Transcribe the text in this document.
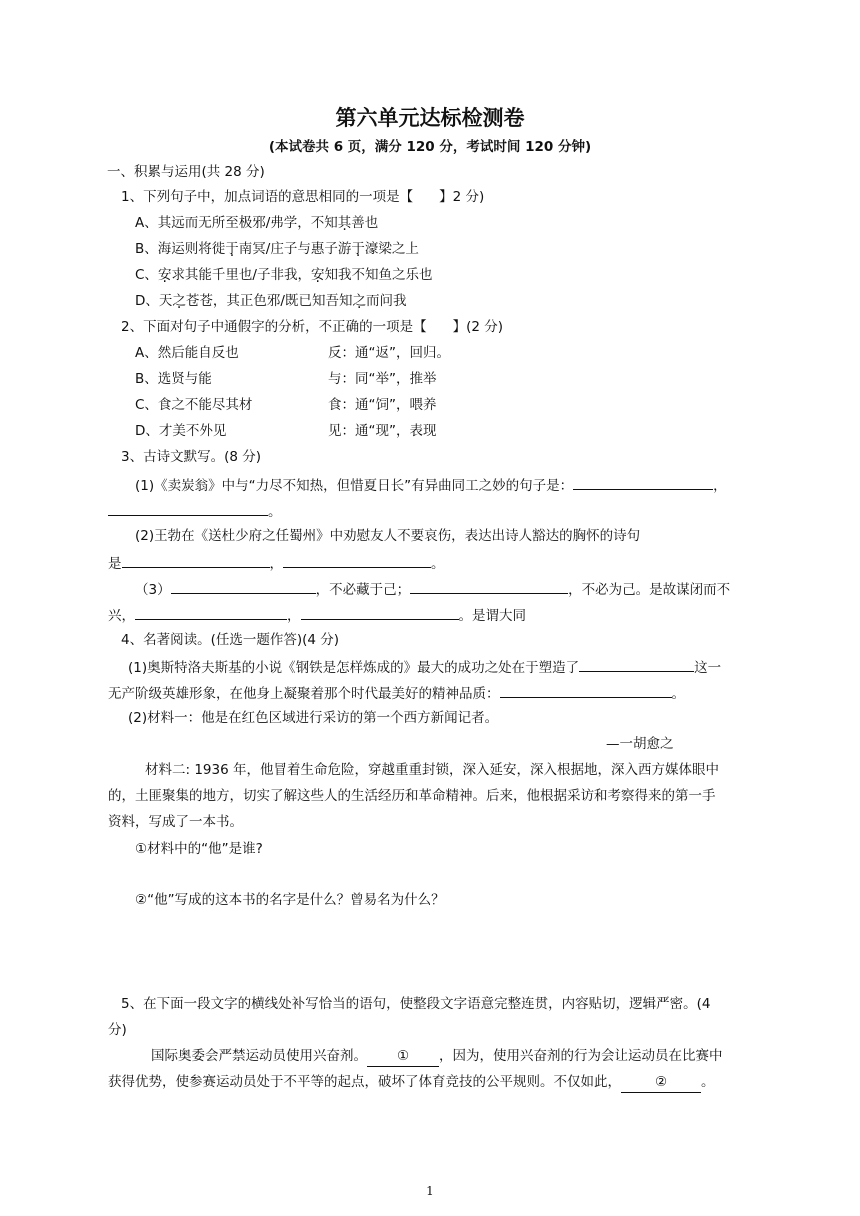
第六单元达标检测卷
(本试卷共 6 页，满分 120 分，考试时间 120 分钟)
一、积累与运用(共 28 分)
1、下列句子中，加点词语的意思相同的一项是【 】2 分)
A、其远而无所至极邪/弗学，不知其善也
B、海运则将徙于南冥/庄子与惠子游于濠梁之上
C、安求其能千里也/子非我，安知我不知鱼之乐也
D、天之苍苍，其正色邪/既已知吾知之而问我
2、下面对句子中通假字的分析，不正确的一项是【 】(2 分)
A、然后能自反也	反：通“返”，回归。
B、选贤与能	与：同“举”，推举
C、食之不能尽其材	食：通“饲”，喂养
D、才美不外见	见：通“现”，表现
3、古诗文默写。(8 分)
(1)《卖炭翁》中与“力尽不知热，但惜夏日长”有异曲同工之妙的句子是：	，
。
(2)王勃在《送杜少府之任蜀州》中劝慰友人不要哀伤，表达出诗人豁达的胸怀的诗句
是	，	。
（3）	，不必藏于己；	，不必为己。是故谋闭而不
兴，	，	。是谓大同
4、名著阅读。(任选一题作答)(4 分)
(1)奥斯特洛夫斯基的小说《钢铁是怎样炼成的》最大的成功之处在于塑造了	这一
无产阶级英雄形象，在他身上凝聚着那个时代最美好的精神品质：	。
(2)材料一：他是在红色区域进行采访的第一个西方新闻记者。
—一胡愈之
材料二: 1936 年，他冒着生命危险，穿越重重封锁，深入延安，深入根据地，深入西方媒体眼中
的，土匪聚集的地方，切实了解这些人的生活经历和革命精神。后来，他根据采访和考察得来的第一手
资料，写成了一本书。
①材料中的“他”是谁?
②“他”写成的这本书的名字是什么？曾易名为什么？
5、在下面一段文字的横线处补写恰当的语句，使整段文字语意完整连贯，内容贴切，逻辑严密。(4
分)
国际奥委会严禁运动员使用兴奋剂。 ① ，因为，使用兴奋剂的行为会让运动员在比赛中
获得优势，使参赛运动员处于不平等的起点，破坏了体育竞技的公平规则。不仅如此，	②	。
1
